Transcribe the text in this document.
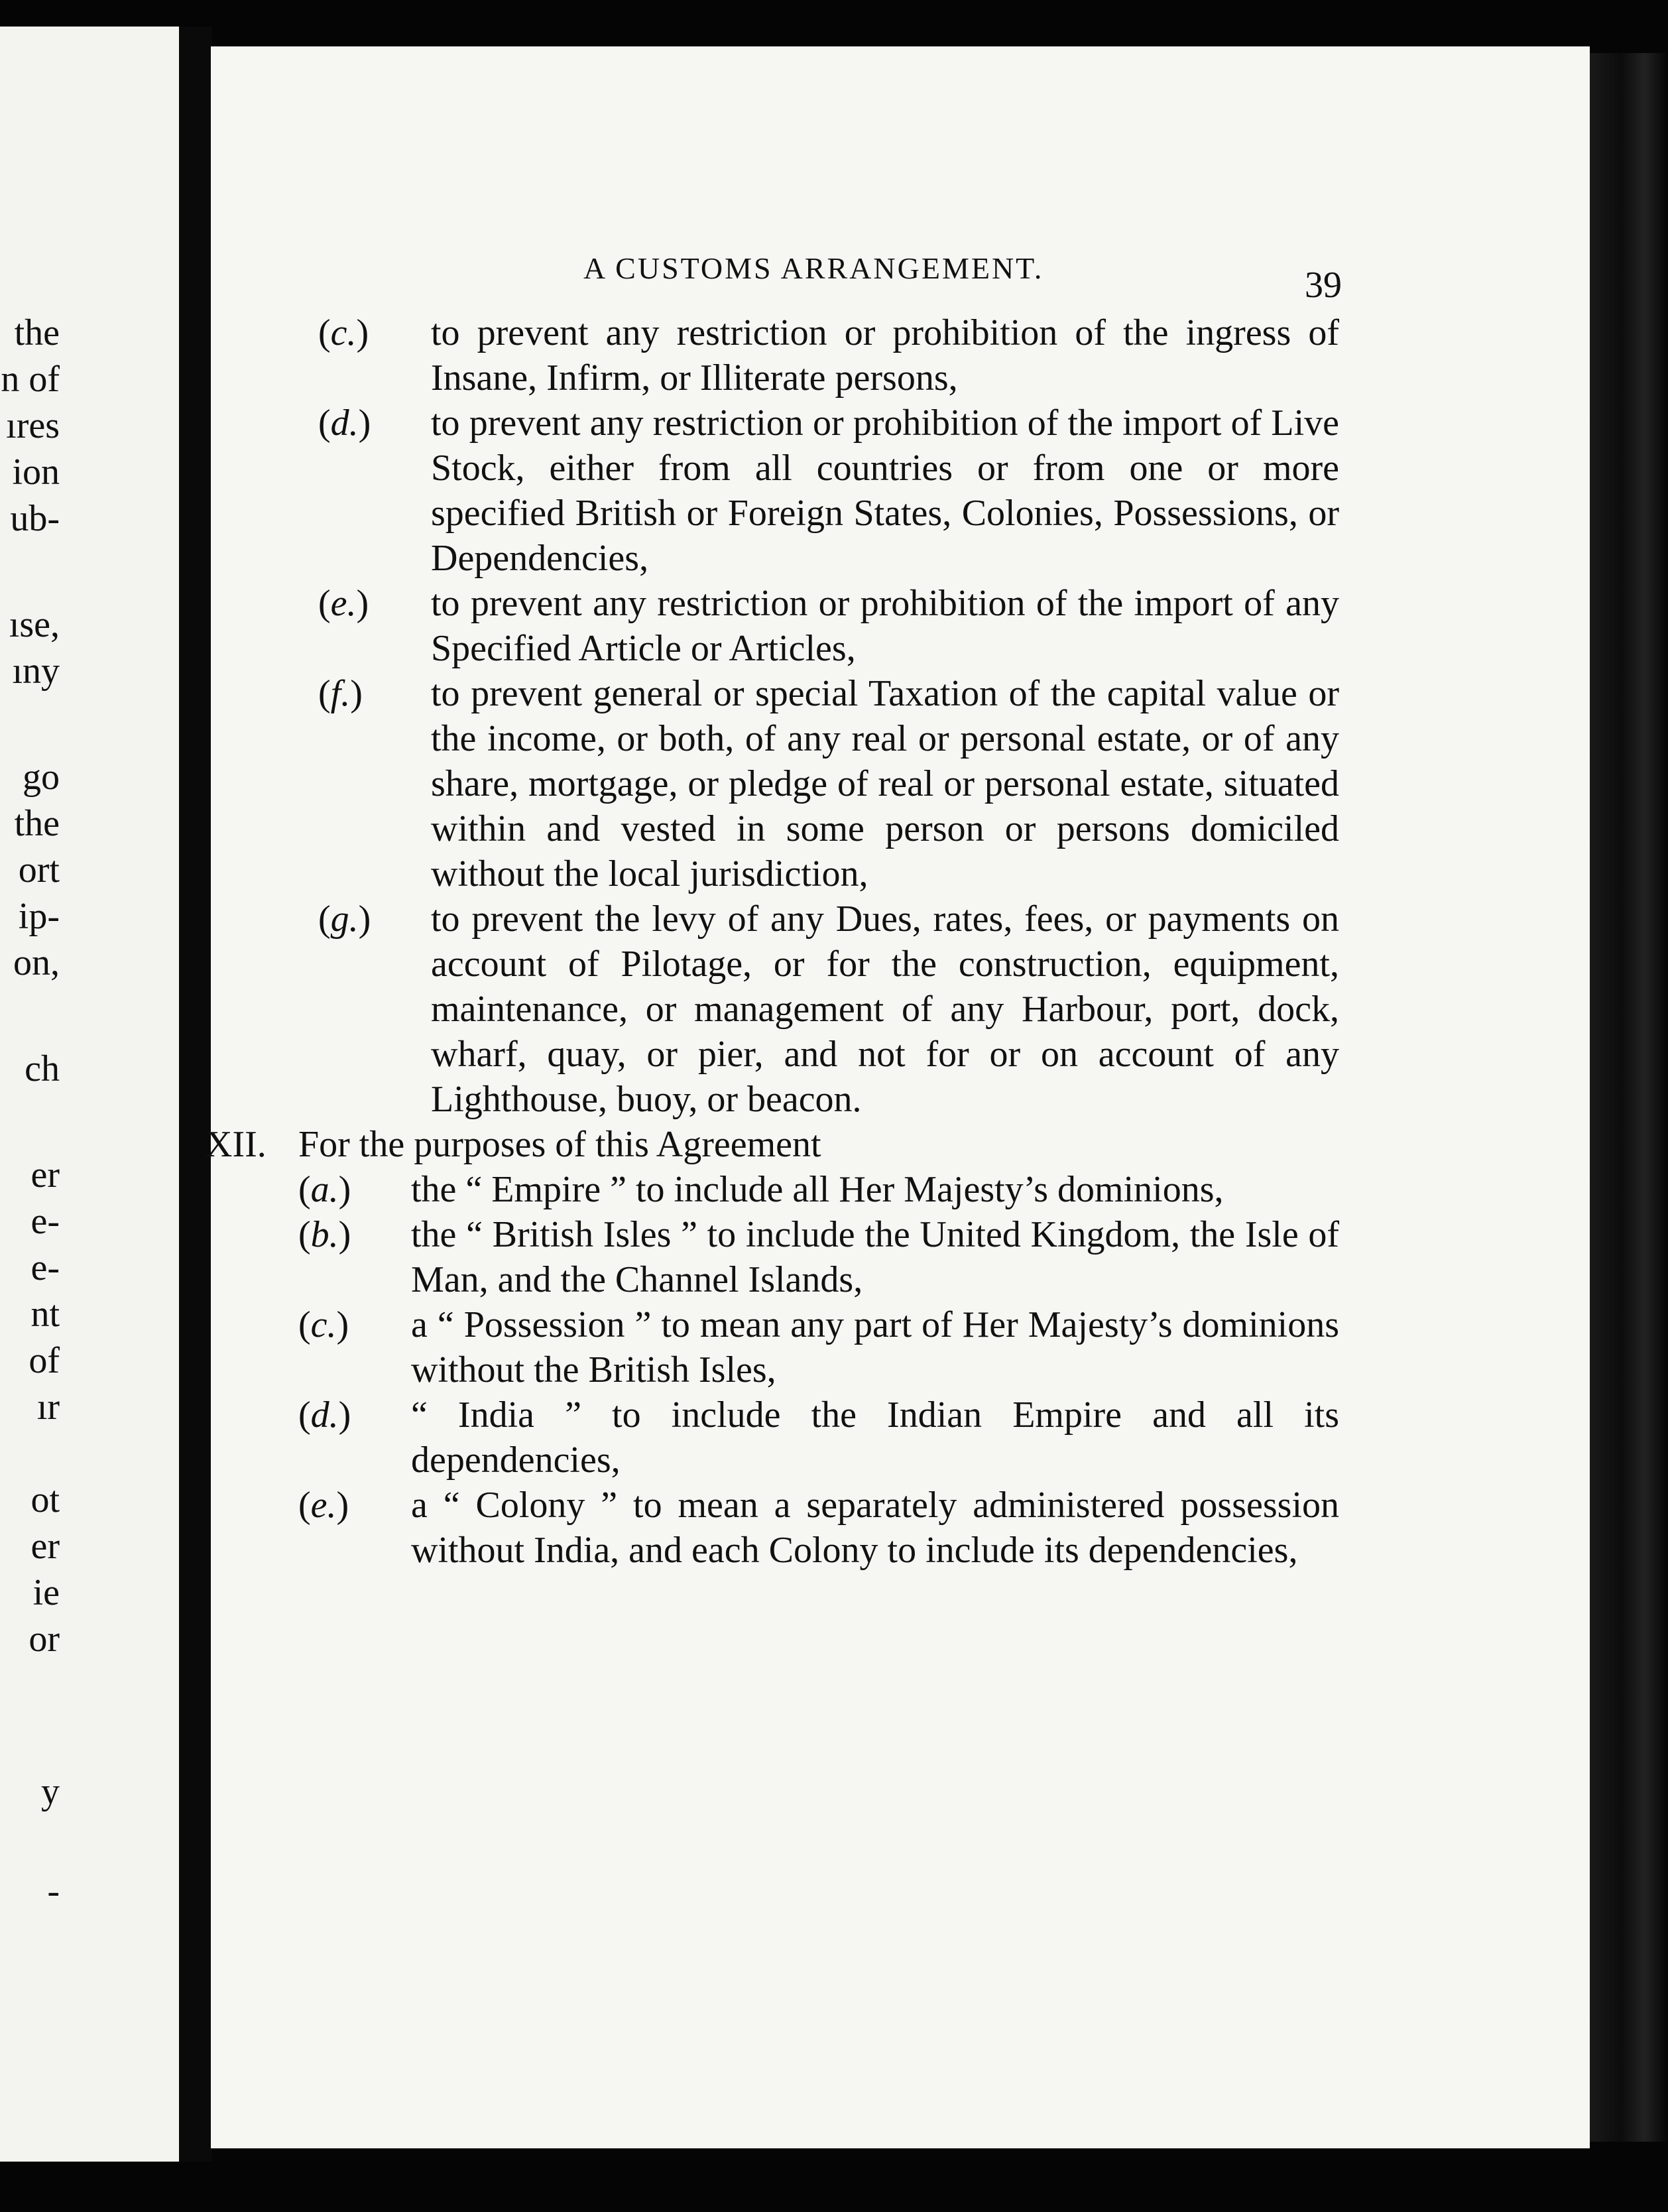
the
n of
ıres
ion
ub-
ıse,
ıny
go
the
ort
ip-
on,
ch
er
e-
e-
nt
of
ır
ot
er
ie
or
y
-
A CUSTOMS ARRANGEMENT.	39

(c.) to prevent any restriction or prohibition of the ingress of Insane, Infirm, or Illiterate persons,

(d.) to prevent any restriction or prohibition of the import of Live Stock, either from all countries or from one or more specified British or Foreign States, Colonies, Possessions, or Dependencies,

(e.) to prevent any restriction or prohibition of the import of any Specified Article or Articles,

(f.) to prevent general or special Taxation of the capital value or the income, or both, of any real or personal estate, or of any share, mortgage, or pledge of real or personal estate, situated within and vested in some person or persons domiciled without the local jurisdiction,

(g.) to prevent the levy of any Dues, rates, fees, or payments on account of Pilotage, or for the construction, equipment, maintenance, or management of any Harbour, port, dock, wharf, quay, or pier, and not for or on account of any Lighthouse, buoy, or beacon.

XII. For the purposes of this Agreement

(a.) the “ Empire ” to include all Her Majesty’s dominions,

(b.) the “ British Isles ” to include the United Kingdom, the Isle of Man, and the Channel Islands,

(c.) a “ Possession ” to mean any part of Her Majesty’s dominions without the British Isles,

(d.) “ India ” to include the Indian Empire and all its dependencies,

(e.) a “ Colony ” to mean a separately administered possession without India, and each Colony to include its dependencies,
